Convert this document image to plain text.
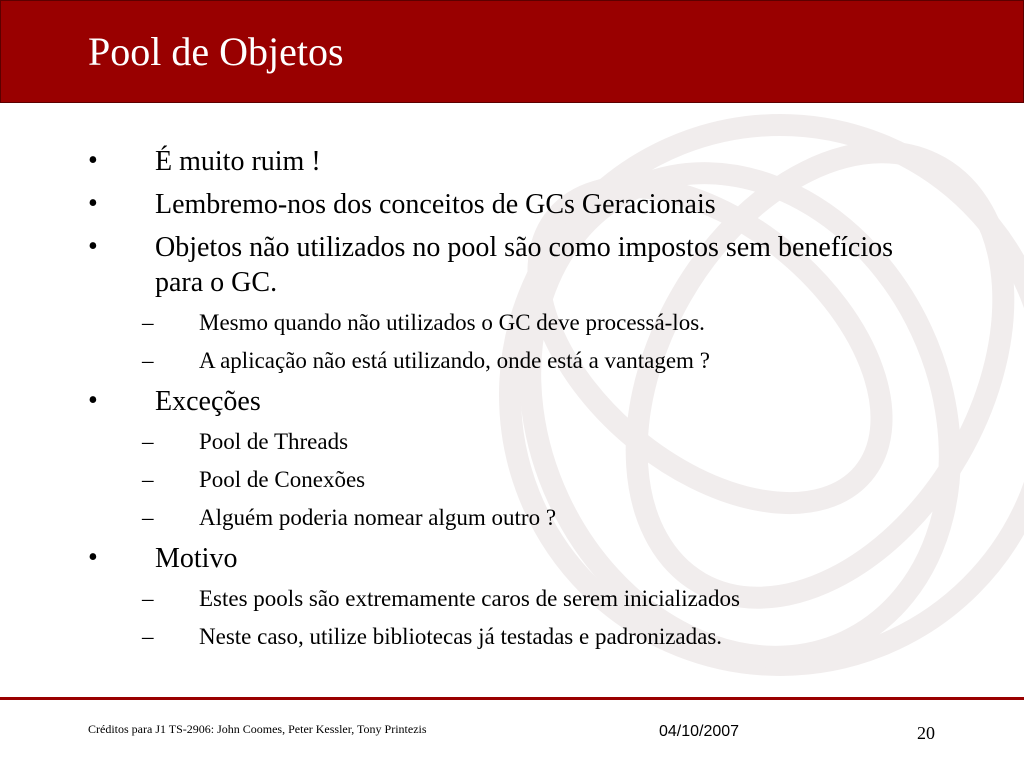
Pool de Objetos
•	É muito ruim !
•	Lembremo-nos dos conceitos de GCs Geracionais
•	Objetos não utilizados no pool são como impostos sem benefícios para o GC.
– Mesmo quando não utilizados o GC deve processá-los.
– A aplicação não está utilizando, onde está a vantagem ?
•	Exceções
– Pool de Threads
– Pool de Conexões
– Alguém poderia nomear algum outro ?
•	Motivo
– Estes pools são extremamente caros de serem inicializados
– Neste caso, utilize bibliotecas já testadas e padronizadas.
Créditos para J1 TS-2906: John Coomes, Peter Kessler, Tony Printezis	04/10/2007	20
